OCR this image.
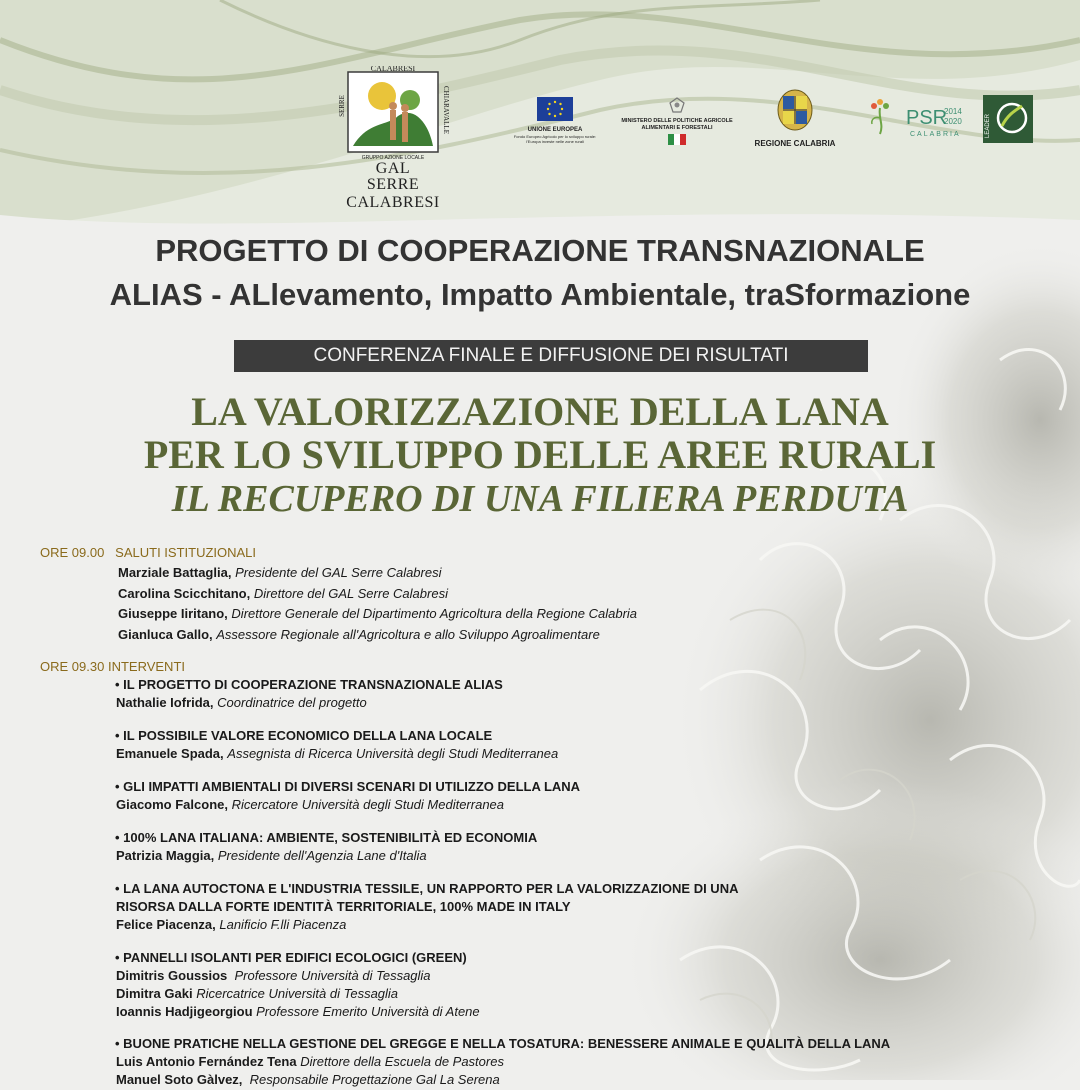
CALABRESI
SERRE	CHIARAVALLE
GRUPPO AZIONE LOCALE
GAL
SERRE CALABRESI
UNIONE EUROPEA
Fondo Europeo Agricolo per lo sviluppo rurale:
l'Europa investe nelle zone rurali
MINISTERO DELLE POLITICHE AGRICOLE
ALIMENTARI E FORESTALI
REGIONE CALABRIA
PSR
2014
2020
CALABRIA	LEADER
PROGETTO DI COOPERAZIONE TRANSNAZIONALE
ALIAS - ALlevamento, Impatto Ambientale, traSformazione
CONFERENZA FINALE E DIFFUSIONE DEI RISULTATI
LA VALORIZZAZIONE DELLA LANA
PER LO SVILUPPO DELLE AREE RURALI
IL RECUPERO DI UNA FILIERA PERDUTA
ORE 09.00 SALUTI ISTITUZIONALI
Marziale Battaglia, Presidente del GAL Serre Calabresi
Carolina Scicchitano, Direttore del GAL Serre Calabresi
Giuseppe Iiritano, Direttore Generale del Dipartimento Agricoltura della Regione Calabria
Gianluca Gallo, Assessore Regionale all'Agricoltura e allo Sviluppo Agroalimentare
ORE 09.30 INTERVENTI
• IL PROGETTO DI COOPERAZIONE TRANSNAZIONALE ALIAS
Nathalie Iofrida, Coordinatrice del progetto
• IL POSSIBILE VALORE ECONOMICO DELLA LANA LOCALE
Emanuele Spada, Assegnista di Ricerca Università degli Studi Mediterranea
• GLI IMPATTI AMBIENTALI DI DIVERSI SCENARI DI UTILIZZO DELLA LANA
Giacomo Falcone, Ricercatore Università degli Studi Mediterranea
• 100% LANA ITALIANA: AMBIENTE, SOSTENIBILITÀ ED ECONOMIA
Patrizia Maggia, Presidente dell'Agenzia Lane d'Italia
• LA LANA AUTOCTONA E L'INDUSTRIA TESSILE, UN RAPPORTO PER LA VALORIZZAZIONE DI UNA
RISORSA DALLA FORTE IDENTITÀ TERRITORIALE, 100% MADE IN ITALY
Felice Piacenza, Lanificio F.lli Piacenza
• PANNELLI ISOLANTI PER EDIFICI ECOLOGICI (GREEN)
Dimitris Goussios Professore Università di Tessaglia
Dimitra Gaki Ricercatrice Università di Tessaglia
Ioannis Hadjigeorgiou Professore Emerito Università di Atene
• BUONE PRATICHE NELLA GESTIONE DEL GREGGE E NELLA TOSATURA: BENESSERE ANIMALE E QUALITÀ DELLA LANA
Luis Antonio Fernández Tena Direttore della Escuela de Pastores
Manuel Soto Gàlvez, Responsabile Progettazione Gal La Serena
